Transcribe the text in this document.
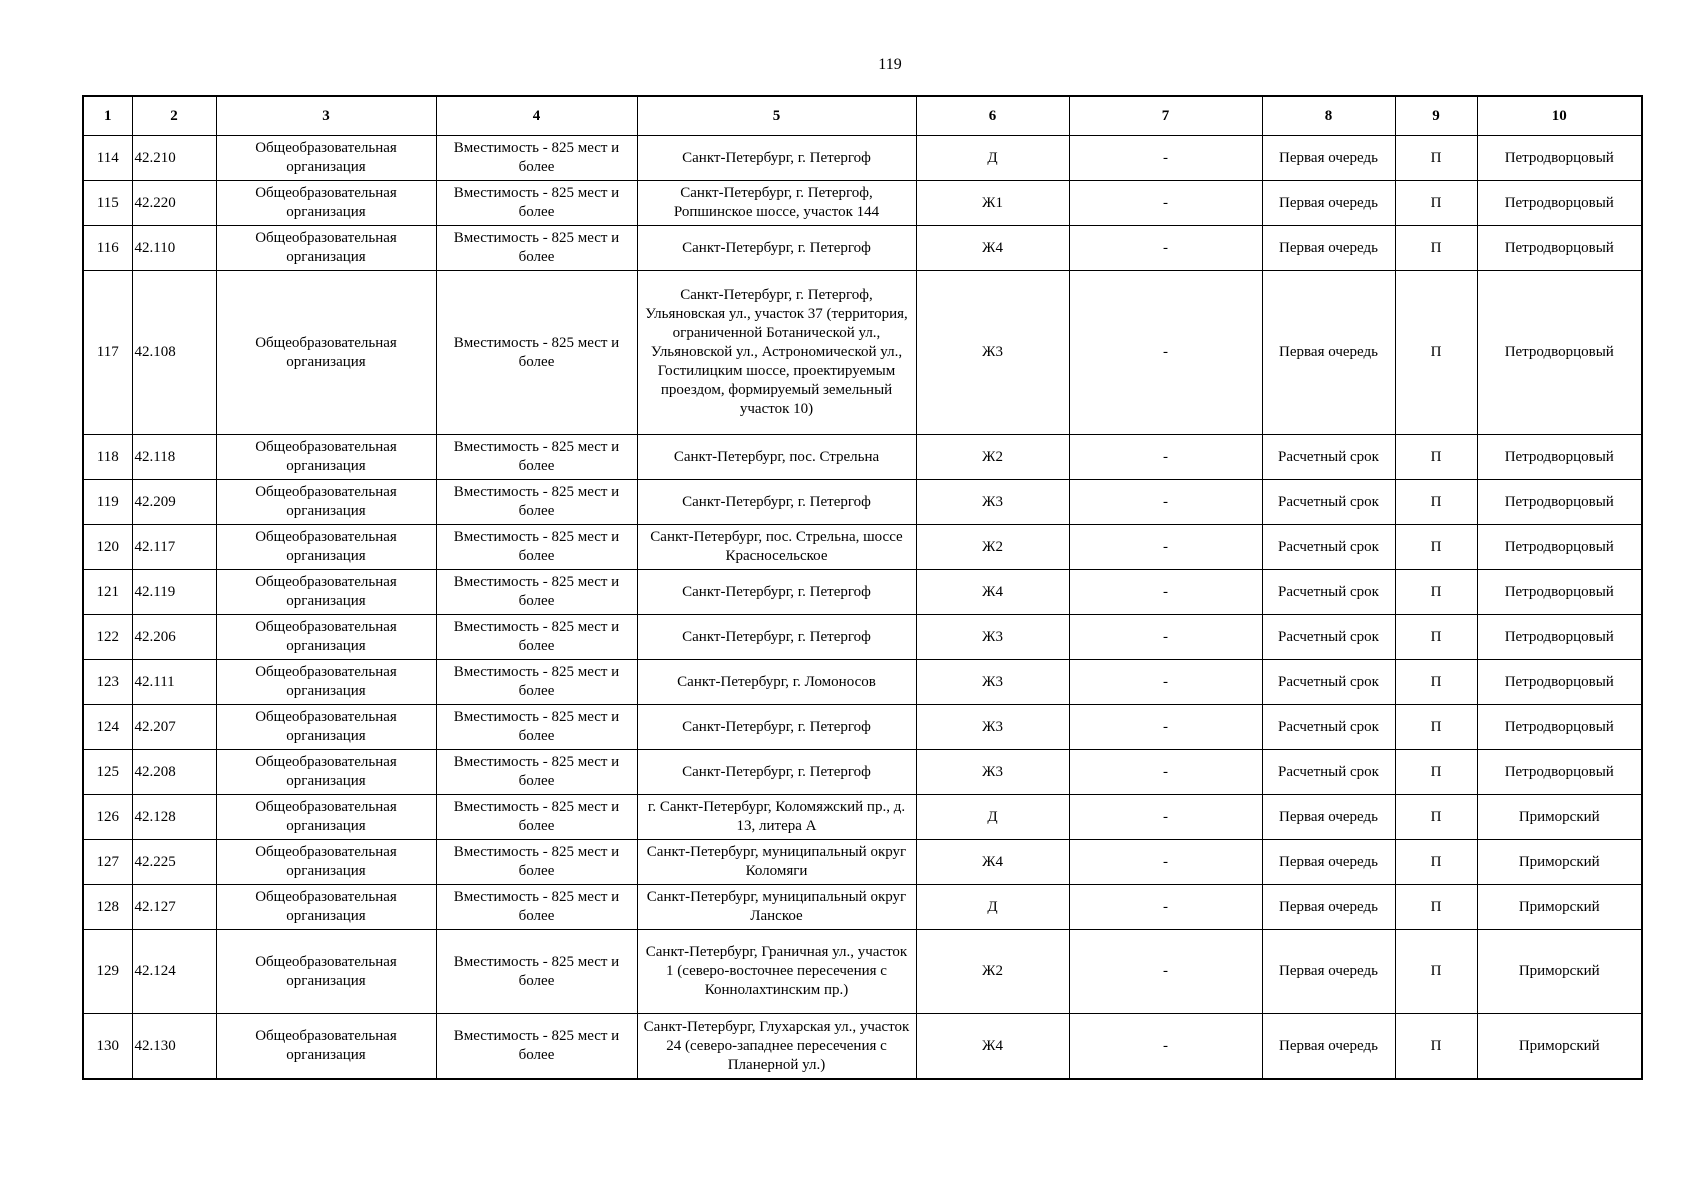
119
1	2	3	4	5	6	7	8	9	10
114	42.210	Общеобразовательная организация	Вместимость - 825 мест и более	Санкт-Петербург, г. Петергоф	Д	-	Первая очередь	П	Петродворцовый
115	42.220	Общеобразовательная организация	Вместимость - 825 мест и более	Санкт-Петербург, г. Петергоф, Ропшинское шоссе, участок 144	Ж1	-	Первая очередь	П	Петродворцовый
116	42.110	Общеобразовательная организация	Вместимость - 825 мест и более	Санкт-Петербург, г. Петергоф	Ж4	-	Первая очередь	П	Петродворцовый
117	42.108	Общеобразовательная организация	Вместимость - 825 мест и более	Санкт-Петербург, г. Петергоф, Ульяновская ул., участок 37 (территория, ограниченной Ботанической ул., Ульяновской ул., Астрономической ул., Гостилицким шоссе, проектируемым проездом, формируемый земельный участок 10)	Ж3	-	Первая очередь	П	Петродворцовый
118	42.118	Общеобразовательная организация	Вместимость - 825 мест и более	Санкт-Петербург, пос. Стрельна	Ж2	-	Расчетный срок	П	Петродворцовый
119	42.209	Общеобразовательная организация	Вместимость - 825 мест и более	Санкт-Петербург, г. Петергоф	Ж3	-	Расчетный срок	П	Петродворцовый
120	42.117	Общеобразовательная организация	Вместимость - 825 мест и более	Санкт-Петербург, пос. Стрельна, шоссе Красносельское	Ж2	-	Расчетный срок	П	Петродворцовый
121	42.119	Общеобразовательная организация	Вместимость - 825 мест и более	Санкт-Петербург, г. Петергоф	Ж4	-	Расчетный срок	П	Петродворцовый
122	42.206	Общеобразовательная организация	Вместимость - 825 мест и более	Санкт-Петербург, г. Петергоф	Ж3	-	Расчетный срок	П	Петродворцовый
123	42.111	Общеобразовательная организация	Вместимость - 825 мест и более	Санкт-Петербург, г. Ломоносов	Ж3	-	Расчетный срок	П	Петродворцовый
124	42.207	Общеобразовательная организация	Вместимость - 825 мест и более	Санкт-Петербург, г. Петергоф	Ж3	-	Расчетный срок	П	Петродворцовый
125	42.208	Общеобразовательная организация	Вместимость - 825 мест и более	Санкт-Петербург, г. Петергоф	Ж3	-	Расчетный срок	П	Петродворцовый
126	42.128	Общеобразовательная организация	Вместимость - 825 мест и более	г. Санкт-Петербург, Коломяжский пр., д. 13, литера А	Д	-	Первая очередь	П	Приморский
127	42.225	Общеобразовательная организация	Вместимость - 825 мест и более	Санкт-Петербург, муниципальный округ Коломяги	Ж4	-	Первая очередь	П	Приморский
128	42.127	Общеобразовательная организация	Вместимость - 825 мест и более	Санкт-Петербург, муниципальный округ Ланское	Д	-	Первая очередь	П	Приморский
129	42.124	Общеобразовательная организация	Вместимость - 825 мест и более	Санкт-Петербург, Граничная ул., участок 1 (северо-восточнее пересечения с Коннолахтинским пр.)	Ж2	-	Первая очередь	П	Приморский
130	42.130	Общеобразовательная организация	Вместимость - 825 мест и более	Санкт-Петербург, Глухарская ул., участок 24 (северо-западнее пересечения с Планерной ул.)	Ж4	-	Первая очередь	П	Приморский
